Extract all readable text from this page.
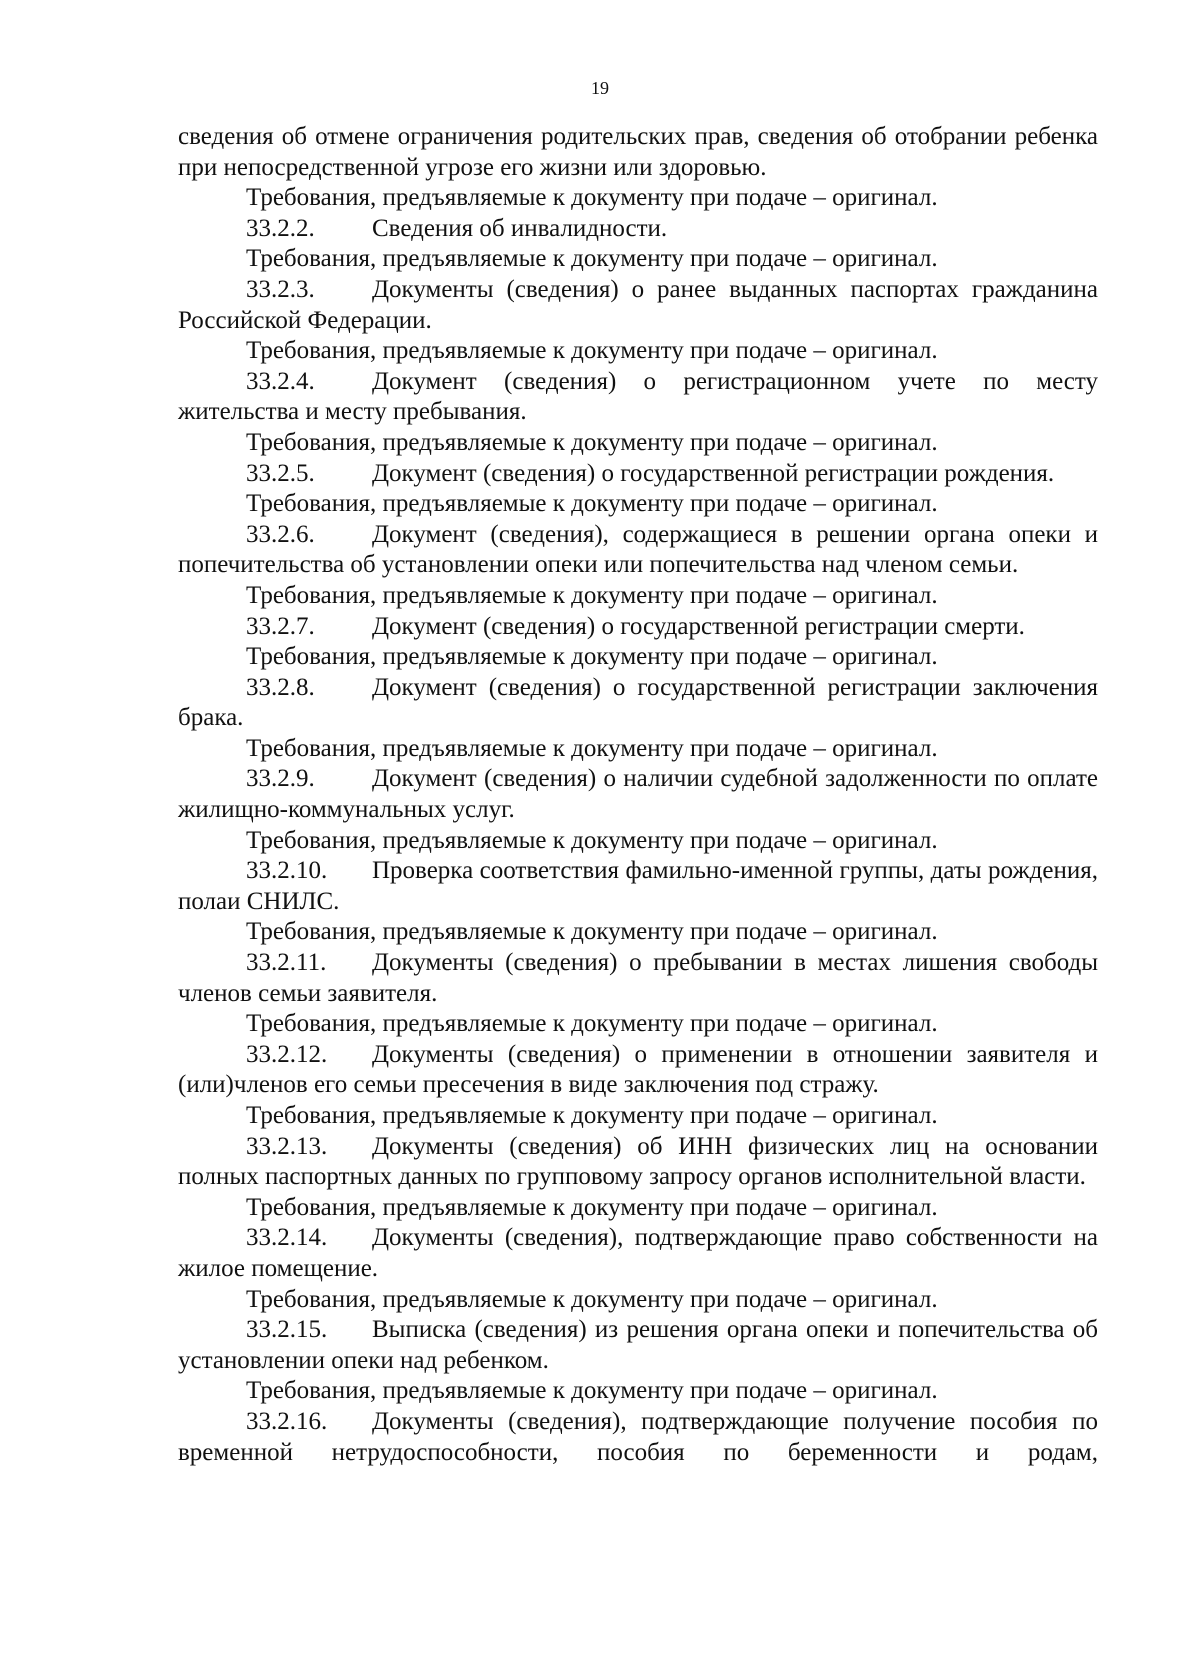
19

сведения об отмене ограничения родительских прав, сведения об отобрании ребенка при непосредственной угрозе его жизни или здоровью.

Требования, предъявляемые к документу при подаче – оригинал.

33.2.2. Сведения об инвалидности.

Требования, предъявляемые к документу при подаче – оригинал.

33.2.3. Документы (сведения) о ранее выданных паспортах гражданина Российской Федерации.

Требования, предъявляемые к документу при подаче – оригинал.

33.2.4. Документ (сведения) о регистрационном учете по месту жительства и месту пребывания.

Требования, предъявляемые к документу при подаче – оригинал.

33.2.5. Документ (сведения) о государственной регистрации рождения.

Требования, предъявляемые к документу при подаче – оригинал.

33.2.6. Документ (сведения), содержащиеся в решении органа опеки и попечительства об установлении опеки или попечительства над членом семьи.

Требования, предъявляемые к документу при подаче – оригинал.

33.2.7. Документ (сведения) о государственной регистрации смерти.

Требования, предъявляемые к документу при подаче – оригинал.

33.2.8. Документ (сведения) о государственной регистрации заключения брака.

Требования, предъявляемые к документу при подаче – оригинал.

33.2.9. Документ (сведения) о наличии судебной задолженности по оплате жилищно-коммунальных услуг.

Требования, предъявляемые к документу при подаче – оригинал.

33.2.10. Проверка соответствия фамильно-именной группы, даты рождения, полаи СНИЛС.

Требования, предъявляемые к документу при подаче – оригинал.

33.2.11. Документы (сведения) о пребывании в местах лишения свободы членов семьи заявителя.

Требования, предъявляемые к документу при подаче – оригинал.

33.2.12. Документы (сведения) о применении в отношении заявителя и (или)членов его семьи пресечения в виде заключения под стражу.

Требования, предъявляемые к документу при подаче – оригинал.

33.2.13. Документы (сведения) об ИНН физических лиц на основании полных паспортных данных по групповому запросу органов исполнительной власти.

Требования, предъявляемые к документу при подаче – оригинал.

33.2.14. Документы (сведения), подтверждающие право собственности на жилое помещение.

Требования, предъявляемые к документу при подаче – оригинал.

33.2.15. Выписка (сведения) из решения органа опеки и попечительства об установлении опеки над ребенком.

Требования, предъявляемые к документу при подаче – оригинал.

33.2.16. Документы (сведения), подтверждающие получение пособия по временной нетрудоспособности, пособия по беременности и родам,
